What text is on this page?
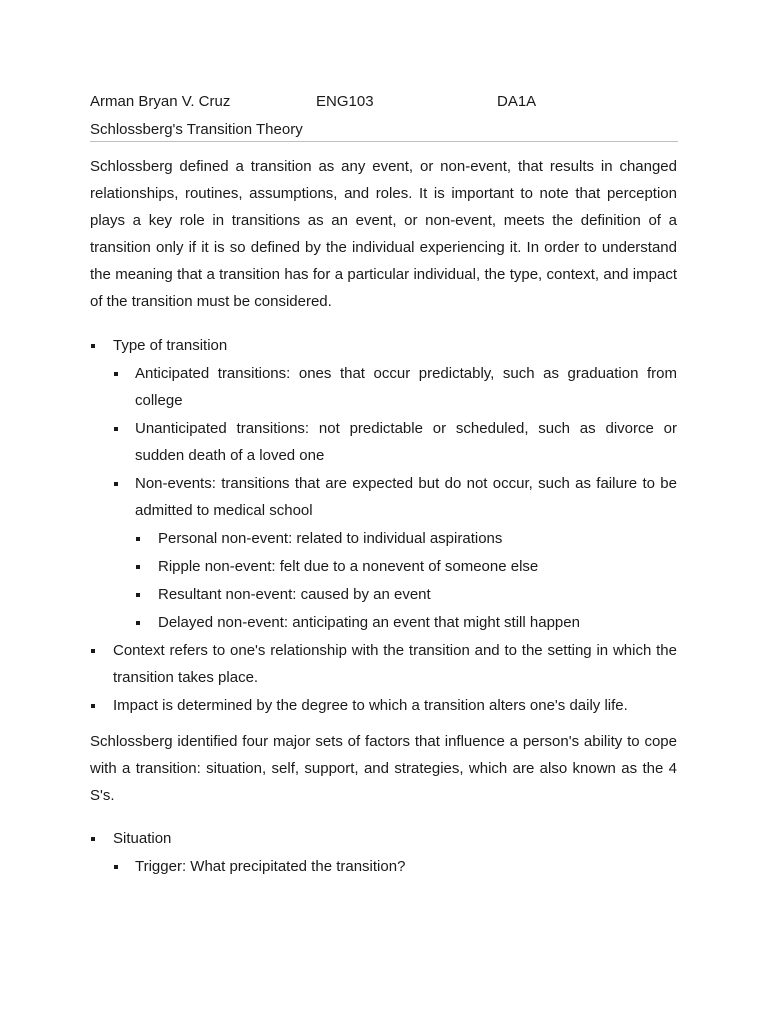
Arman Bryan V. Cruz	ENG103	DA1A
Schlossberg's Transition Theory

Schlossberg defined a transition as any event, or non-event, that results in changed relationships, routines, assumptions, and roles. It is important to note that perception plays a key role in transitions as an event, or non-event, meets the definition of a transition only if it is so defined by the individual experiencing it. In order to understand the meaning that a transition has for a particular individual, the type, context, and impact of the transition must be considered.

Type of transition
Anticipated transitions: ones that occur predictably, such as graduation from college
Unanticipated transitions: not predictable or scheduled, such as divorce or sudden death of a loved one
Non-events: transitions that are expected but do not occur, such as failure to be admitted to medical school
Personal non-event: related to individual aspirations
Ripple non-event: felt due to a nonevent of someone else
Resultant non-event: caused by an event
Delayed non-event: anticipating an event that might still happen
Context refers to one's relationship with the transition and to the setting in which the transition takes place.
Impact is determined by the degree to which a transition alters one's daily life.

Schlossberg identified four major sets of factors that influence a person's ability to cope with a transition: situation, self, support, and strategies, which are also known as the 4 S's.

Situation
Trigger: What precipitated the transition?
